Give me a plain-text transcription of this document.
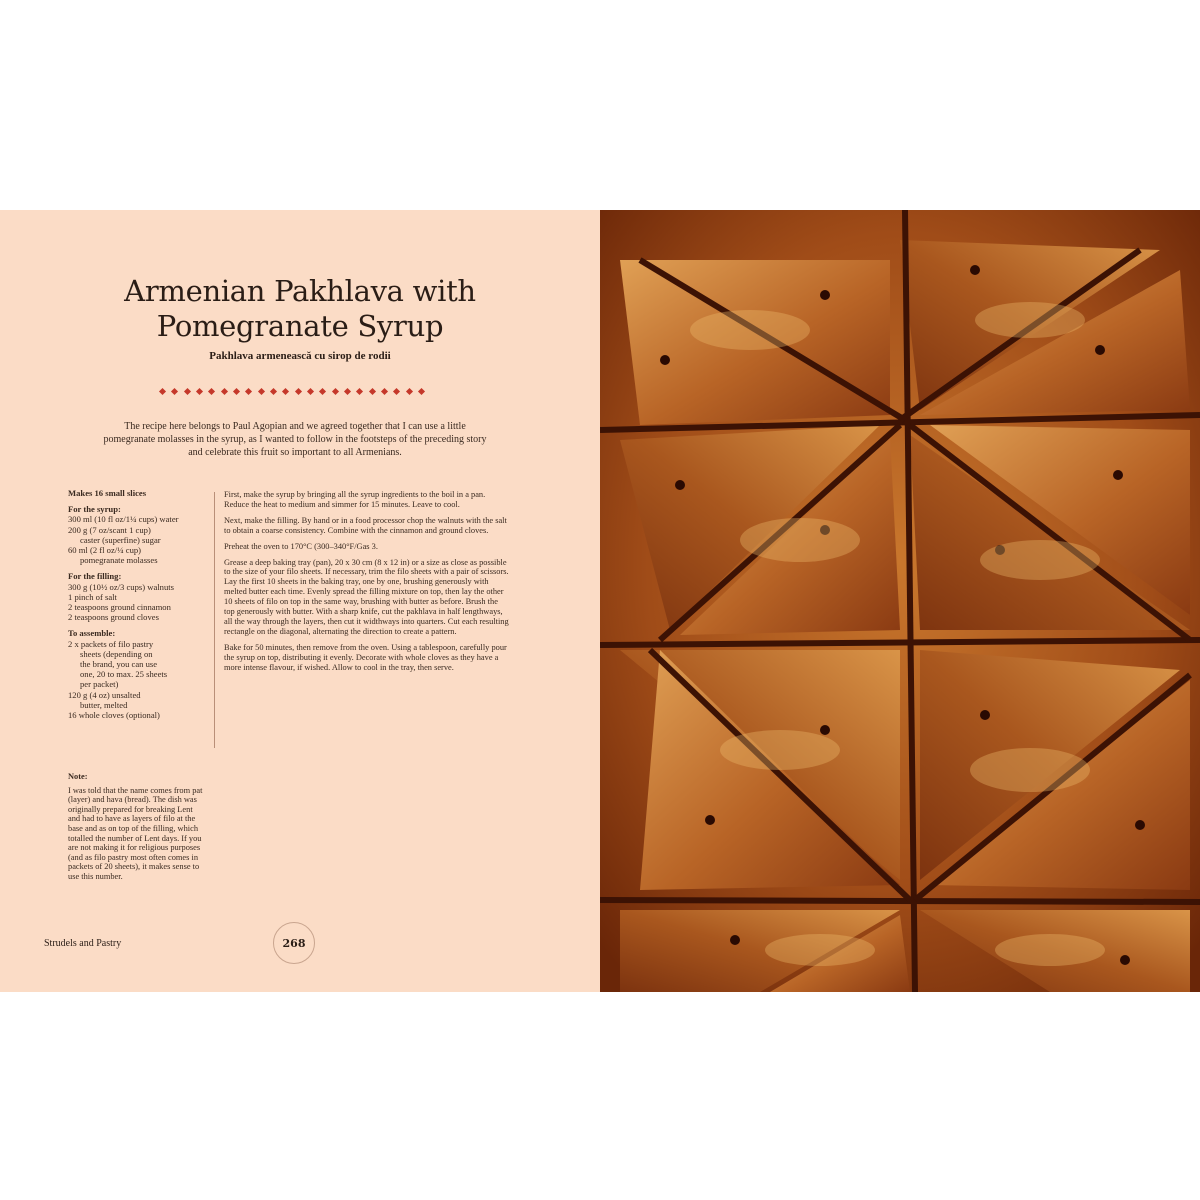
Armenian Pakhlava with
Pomegranate Syrup

Pakhlava armenească cu sirop de rodii

The recipe here belongs to Paul Agopian and we agreed together that I can use a little pomegranate molasses in the syrup, as I wanted to follow in the footsteps of the preceding story and celebrate this fruit so important to all Armenians.

Makes 16 small slices

For the syrup:

300 ml (10 fl oz/1¼ cups) water

200 g (7 oz/scant 1 cup)

caster (superfine) sugar

60 ml (2 fl oz/¼ cup)

pomegranate molasses

For the filling:

300 g (10½ oz/3 cups) walnuts

1 pinch of salt

2 teaspoons ground cinnamon

2 teaspoons ground cloves

To assemble:

2 x packets of filo pastry

sheets (depending on

the brand, you can use

one, 20 to max. 25 sheets

per packet)

120 g (4 oz) unsalted

butter, melted

16 whole cloves (optional)

First, make the syrup by bringing all the syrup ingredients to the boil in a pan. Reduce the heat to medium and simmer for 15 minutes. Leave to cool.

Next, make the filling. By hand or in a food processor chop the walnuts with the salt to obtain a coarse consistency. Combine with the cinnamon and ground cloves.

Preheat the oven to 170°C (300–340°F/Gas 3.

Grease a deep baking tray (pan), 20 x 30 cm (8 x 12 in) or a size as close as possible to the size of your filo sheets. If necessary, trim the filo sheets with a pair of scissors. Lay the first 10 sheets in the baking tray, one by one, brushing generously with melted butter each time. Evenly spread the filling mixture on top, then lay the other 10 sheets of filo on top in the same way, brushing with butter as before. Brush the top generously with butter. With a sharp knife, cut the pakhlava in half lengthways, all the way through the layers, then cut it widthways into quarters. Cut each resulting rectangle on the diagonal, alternating the direction to create a pattern.

Bake for 50 minutes, then remove from the oven. Using a tablespoon, carefully pour the syrup on top, distributing it evenly. Decorate with whole cloves as they have a more intense flavour, if wished. Allow to cool in the tray, then serve.

Note:

I was told that the name comes from pat (layer) and hava (bread). The dish was originally prepared for breaking Lent and had to have as layers of filo at the base and as on top of the filling, which totalled the number of Lent days. If you are not making it for religious purposes (and as filo pastry most often comes in packets of 20 sheets), it makes sense to use this number.

Strudels and Pastry	268
